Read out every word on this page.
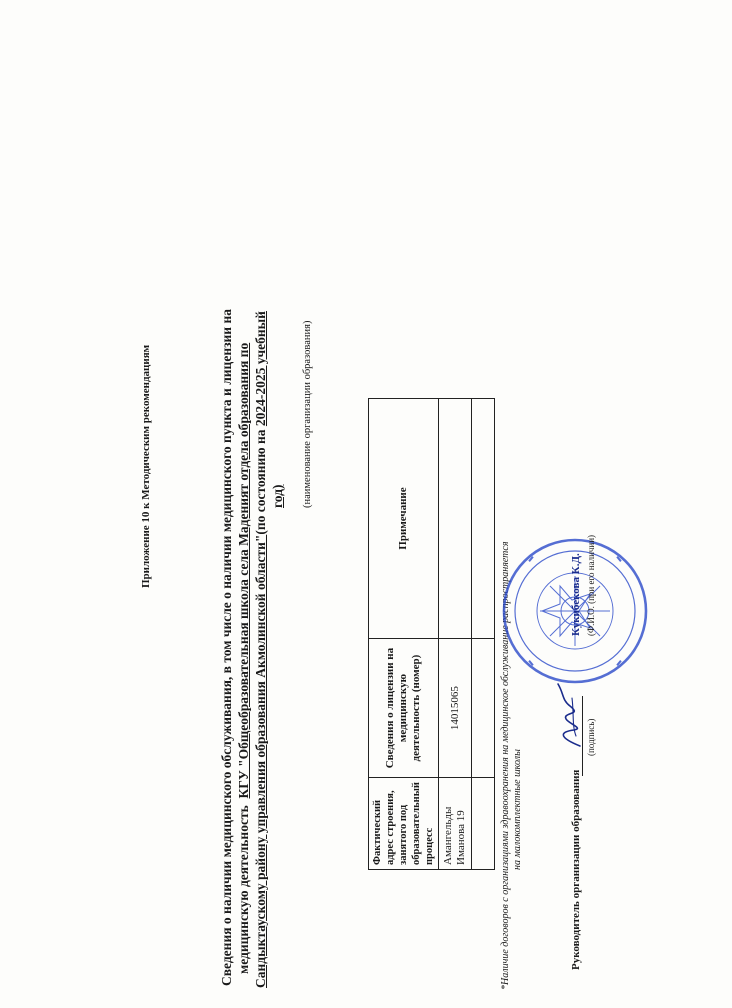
Приложение 10 к Методическим рекомендациям	Сведения о наличии медицинского обслуживания, в том числе о наличии медицинского пункта и лицензии на медицинскую деятельность  КГУ "Общеобразовательная школа села Маденият отдела образования по Сандыктаускому району управления образования Акмолинской области"(по состоянию на 2024-2025 учебный
год) (наименование организации образования)
Фактический адрес строения, занятого под образовательный процесс	Сведения о лицензии на медицинскую деятельность (номер)	Примечание
Амангельды Иманова 19	14015065	
			*Наличие договоров с организациями здравоохранения на медицинское обслуживание распространяется на малокомплектные школы	Руководитель организации образования
(подпись)
Кукибекова К.Д. (Ф.И.О. (при его наличии)
